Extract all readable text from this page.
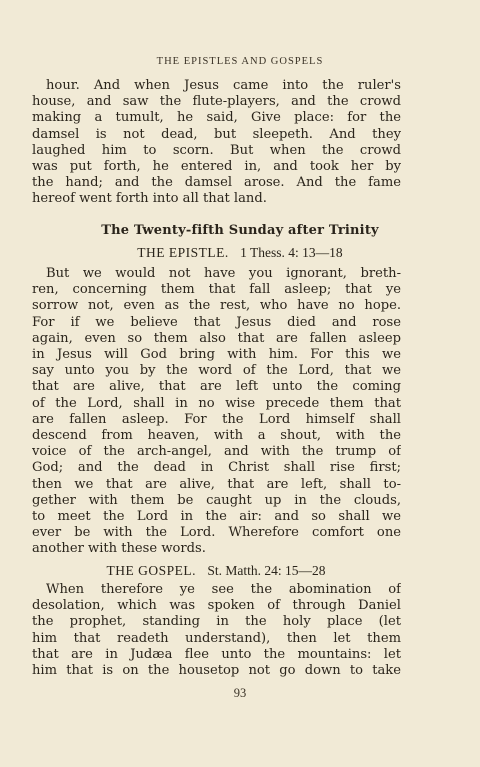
THE EPISTLES AND GOSPELS
hour. And when Jesus came into the ruler's
house, and saw the flute-players, and the crowd
making a tumult, he said, Give place: for the
damsel is not dead, but sleepeth. And they
laughed him to scorn. But when the crowd
was put forth, he entered in, and took her by
the hand; and the damsel arose. And the fame
hereof went forth into all that land.
The Twenty-fifth Sunday after Trinity
THE EPISTLE. 1 Thess. 4: 13—18
But we would not have you ignorant, breth-
ren, concerning them that fall asleep; that ye
sorrow not, even as the rest, who have no hope.
For if we believe that Jesus died and rose
again, even so them also that are fallen asleep
in Jesus will God bring with him. For this we
say unto you by the word of the Lord, that we
that are alive, that are left unto the coming
of the Lord, shall in no wise precede them that
are fallen asleep. For the Lord himself shall
descend from heaven, with a shout, with the
voice of the arch-angel, and with the trump of
God; and the dead in Christ shall rise first;
then we that are alive, that are left, shall to-
gether with them be caught up in the clouds,
to meet the Lord in the air: and so shall we
ever be with the Lord. Wherefore comfort one
another with these words.
THE GOSPEL. St. Matth. 24: 15—28
When therefore ye see the abomination of
desolation, which was spoken of through Daniel
the prophet, standing in the holy place (let
him that readeth understand), then let them
that are in Judæa flee unto the mountains: let
him that is on the housetop not go down to take
93
